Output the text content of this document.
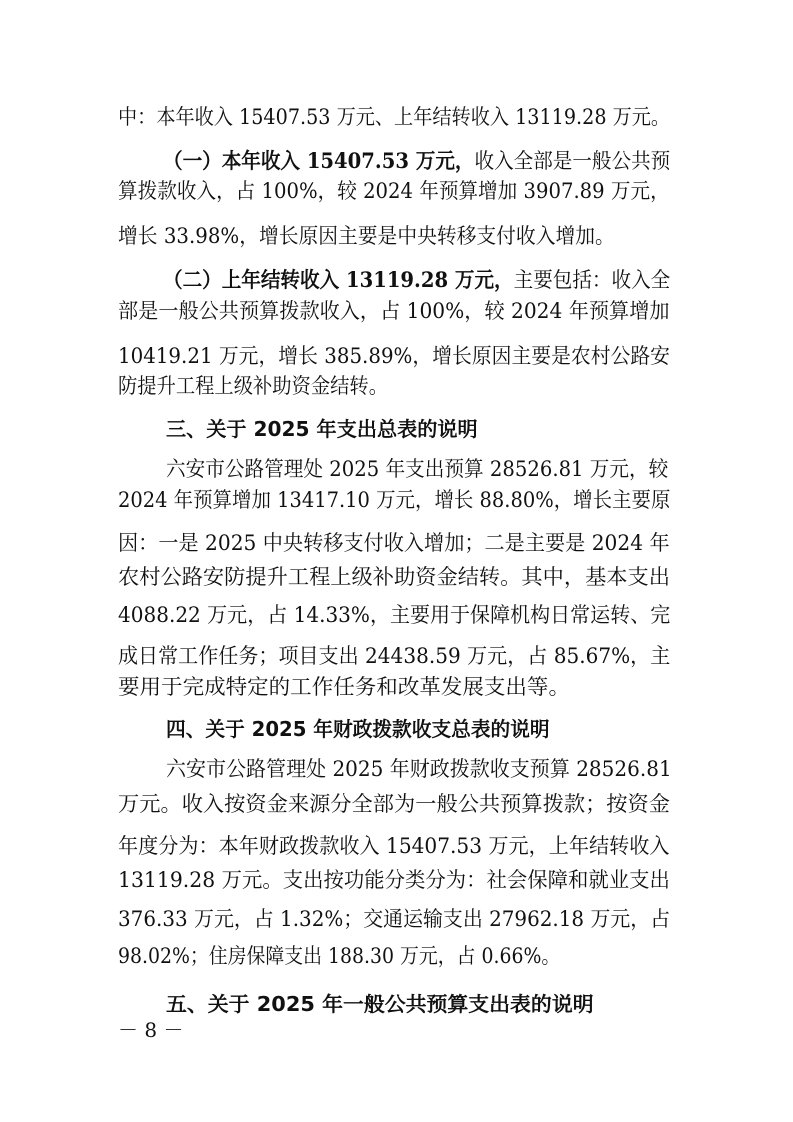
中：本年收入 15407.53 万元、上年结转收入 13119.28 万元。
（一）本年收入 15407.53 万元，收入全部是一般公共预
算拨款收入，占 100%，较 2024 年预算增加 3907.89 万元，
增长 33.98%，增长原因主要是中央转移支付收入增加。
（二）上年结转收入 13119.28 万元，主要包括：收入全
部是一般公共预算拨款收入，占 100%，较 2024 年预算增加
10419.21 万元，增长 385.89%，增长原因主要是农村公路安
防提升工程上级补助资金结转。
三、关于 2025 年支出总表的说明
六安市公路管理处 2025 年支出预算 28526.81 万元，较
2024 年预算增加 13417.10 万元，增长 88.80%，增长主要原
因：一是 2025 中央转移支付收入增加；二是主要是 2024 年
农村公路安防提升工程上级补助资金结转。其中，基本支出
4088.22 万元，占 14.33%，主要用于保障机构日常运转、完
成日常工作任务；项目支出 24438.59 万元，占 85.67%，主
要用于完成特定的工作任务和改革发展支出等。
四、关于 2025 年财政拨款收支总表的说明
六安市公路管理处 2025 年财政拨款收支预算 28526.81
万元。收入按资金来源分全部为一般公共预算拨款；按资金
年度分为：本年财政拨款收入 15407.53 万元，上年结转收入
13119.28 万元。支出按功能分类分为：社会保障和就业支出
376.33 万元，占 1.32%；交通运输支出 27962.18 万元，占
98.02%；住房保障支出 188.30 万元，占 0.66%。
五、关于 2025 年一般公共预算支出表的说明
－ 8 －
